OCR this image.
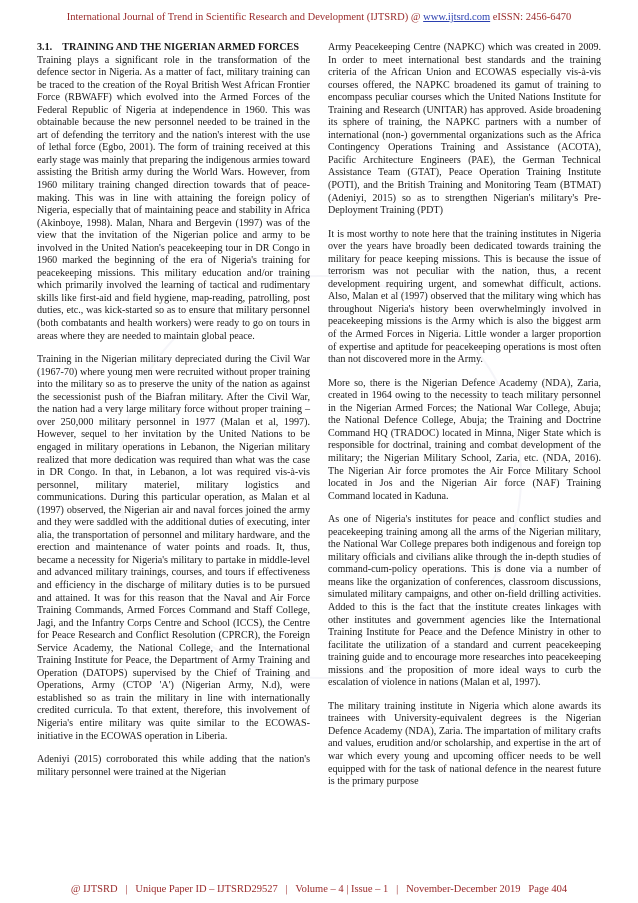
International Journal of Trend in Scientific Research and Development (IJTSRD) @ www.ijtsrd.com eISSN: 2456-6470
3.1.    TRAINING AND THE NIGERIAN ARMED FORCES

Training plays a significant role in the transformation of the defence sector in Nigeria. As a matter of fact, military training can be traced to the creation of the Royal British West African Frontier Force (RBWAFF) which evolved into the Armed Forces of the Federal Republic of Nigeria at independence in 1960. This was obtainable because the new personnel needed to be trained in the art of defending the territory and the nation's interest with the use of lethal force (Egbo, 2001). The form of training received at this early stage was mainly that preparing the indigenous armies toward assisting the British army during the World Wars. However, from 1960 military training changed direction towards that of peace-making. This was in line with attaining the foreign policy of Nigeria, especially that of maintaining peace and stability in Africa (Akinboye, 1998). Malan, Nhara and Bergevin (1997) was of the view that the invitation of the Nigerian police and army to be involved in the United Nation's peacekeeping tour in DR Congo in 1960 marked the beginning of the era of Nigeria's training for peacekeeping missions. This military education and/or training which primarily involved the learning of tactical and rudimentary skills like first-aid and field hygiene, map-reading, patrolling, post duties, etc., was kick-started so as to ensure that military personnel (both combatants and health workers) were ready to go on tours in areas where they are needed to maintain global peace.

Training in the Nigerian military depreciated during the Civil War (1967-70) where young men were recruited without proper training into the military so as to preserve the unity of the nation as against the secessionist push of the Biafran military. After the Civil War, the nation had a very large military force without proper training – over 250,000 military personnel in 1977 (Malan et al, 1997). However, sequel to her invitation by the United Nations to be engaged in military operations in Lebanon, the Nigerian military realized that more dedication was required than what was the case in DR Congo. In that, in Lebanon, a lot was required vis-à-vis personnel, military materiel, military logistics and communications. During this particular operation, as Malan et al (1997) observed, the Nigerian air and naval forces joined the army and they were saddled with the additional duties of executing, inter alia, the transportation of personnel and military hardware, and the erection and maintenance of water points and roads. It, thus, became a necessity for Nigeria's military to partake in middle-level and advanced military trainings, courses, and tours if effectiveness and efficiency in the discharge of military duties is to be pursued and attained. It was for this reason that the Naval and Air Force Training Commands, Armed Forces Command and Staff College, Jagi, and the Infantry Corps Centre and School (ICCS), the Centre for Peace Research and Conflict Resolution (CPRCR), the Foreign Service Academy, the National College, and the International Training Institute for Peace, the Department of Army Training and Operation (DATOPS) supervised by the Chief of Training and Operations, Army (CTOP 'A') (Nigerian Army, N.d), were established so as train the military in line with internationally credited curricula. To that extent, therefore, this involvement of Nigeria's entire military was quite similar to the ECOWAS-initiative in the ECOWAS operation in Liberia.

Adeniyi (2015) corroborated this while adding that the nation's military personnel were trained at the Nigerian

Army Peacekeeping Centre (NAPKC) which was created in 2009. In order to meet international best standards and the training criteria of the African Union and ECOWAS especially vis-à-vis courses offered, the NAPKC broadened its gamut of training to encompass peculiar courses which the United Nations Institute for Training and Research (UNITAR) has approved. Aside broadening its sphere of training, the NAPKC partners with a number of international (non-) governmental organizations such as the Africa Contingency Operations Training and Assistance (ACOTA), Pacific Architecture Engineers (PAE), the German Technical Assistance Team (GTAT), Peace Operation Training Institute (POTI), and the British Training and Monitoring Team (BTMAT) (Adeniyi, 2015) so as to strengthen Nigerian's military's Pre-Deployment Training (PDT)

It is most worthy to note here that the training institutes in Nigeria over the years have broadly been dedicated towards training the military for peace keeping missions. This is because the issue of terrorism was not peculiar with the nation, thus, a recent development requiring urgent, and somewhat difficult, actions. Also, Malan et al (1997) observed that the military wing which has throughout Nigeria's history been overwhelmingly involved in peacekeeping missions is the Army which is also the biggest arm of the Armed Forces in Nigeria. Little wonder a larger proportion of expertise and aptitude for peacekeeping operations is most often than not discovered more in the Army.

More so, there is the Nigerian Defence Academy (NDA), Zaria, created in 1964 owing to the necessity to teach military personnel in the Nigerian Armed Forces; the National War College, Abuja; the National Defence College, Abuja; the Training and Doctrine Command HQ (TRADOC) located in Minna, Niger State which is responsible for doctrinal, training and combat development of the military; the Nigerian Military School, Zaria, etc. (NDA, 2016). The Nigerian Air force promotes the Air Force Military School located in Jos and the Nigerian Air force (NAF) Training Command located in Kaduna.

As one of Nigeria's institutes for peace and conflict studies and peacekeeping training among all the arms of the Nigerian military, the National War College prepares both indigenous and foreign top military officials and civilians alike through the in-depth studies of command-cum-policy operations. This is done via a number of means like the organization of conferences, classroom discussions, simulated military campaigns, and other on-field drilling activities. Added to this is the fact that the institute creates linkages with other institutes and government agencies like the International Training Institute for Peace and the Defence Ministry in other to facilitate the utilization of a standard and current peacekeeping training guide and to encourage more researches into peacekeeping missions and the proposition of more ideal ways to curb the escalation of violence in nations (Malan et al, 1997).

The military training institute in Nigeria which alone awards its trainees with University-equivalent degrees is the Nigerian Defence Academy (NDA), Zaria. The impartation of military crafts and values, erudition and/or scholarship, and expertise in the art of war which every young and upcoming officer needs to be well equipped with for the task of national defence in the nearest future is the primary purpose

@ IJTSRD   |   Unique Paper ID – IJTSRD29527   |   Volume – 4 | Issue – 1   |   November-December 2019   Page 404
